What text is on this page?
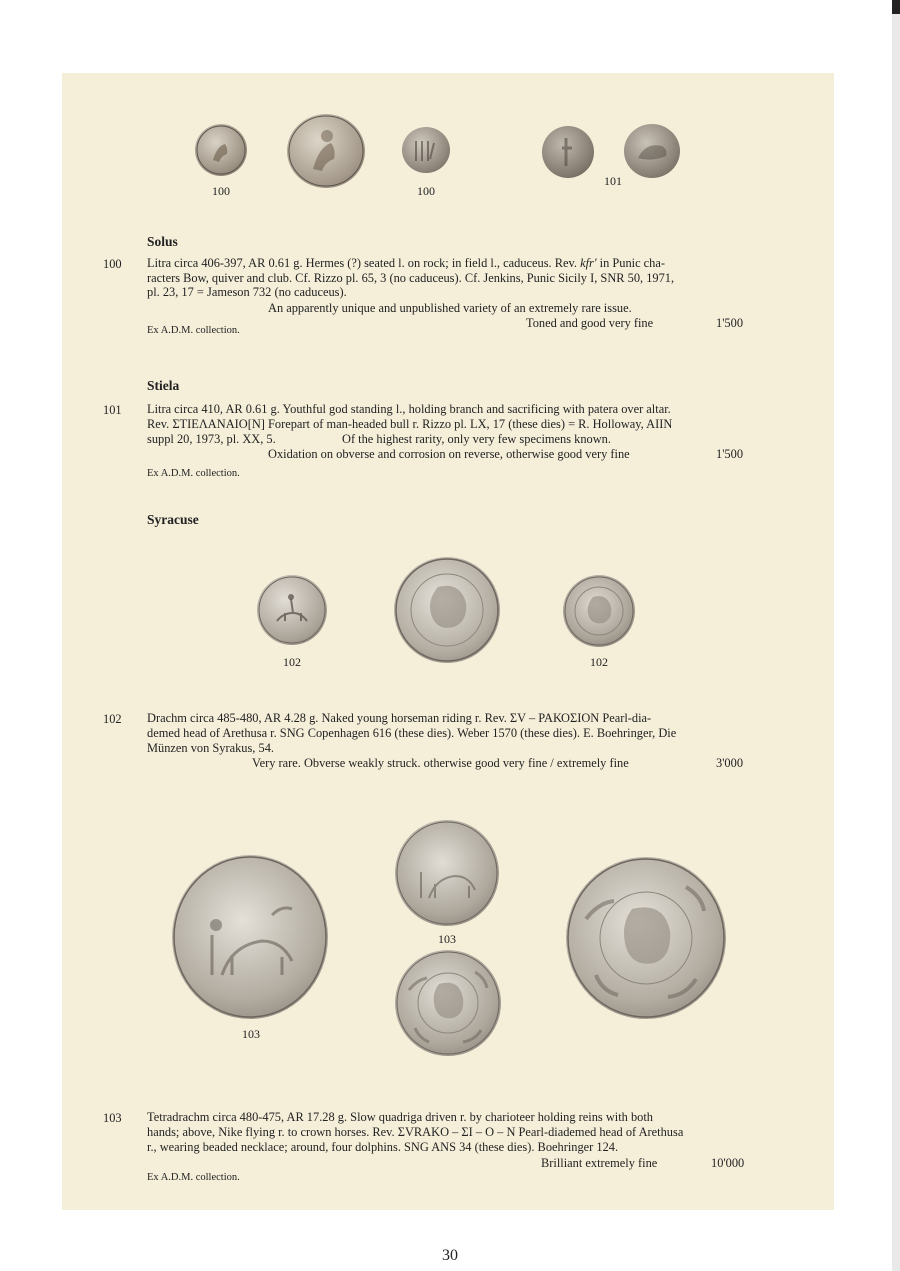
100	100
101
Solus
100 Litra circa 406-397, AR 0.61 g. Hermes (?) seated l. on rock; in field l., caduceus. Rev. kfr' in Punic cha-
racters Bow, quiver and club. Cf. Rizzo pl. 65, 3 (no caduceus). Cf. Jenkins, Punic Sicily I, SNR 50, 1971,
pl. 23, 17 = Jameson 732 (no caduceus).
An apparently unique and unpublished variety of an extremely rare issue.
Toned and good very fine	1'500
Ex A.D.M. collection.
Stiela
101 Litra circa 410, AR 0.61 g. Youthful god standing l., holding branch and sacrificing with patera over altar.
Rev. ΣΤΙΕΛΑΝΑΙΟ[Ν] Forepart of man-headed bull r. Rizzo pl. LX, 17 (these dies) = R. Holloway, AIIN
suppl 20, 1973, pl. XX, 5.	Of the highest rarity, only very few specimens known.
Oxidation on obverse and corrosion on reverse, otherwise good very fine	1'500
Ex A.D.M. collection.
Syracuse
102	102
102 Drachm circa 485-480, AR 4.28 g. Naked young horseman riding r. Rev. ΣV – ΡΑΚΟΣΙΟΝ Pearl-dia-
demed head of Arethusa r. SNG Copenhagen 616 (these dies). Weber 1570 (these dies). E. Boehringer, Die
Münzen von Syrakus, 54.
Very rare. Obverse weakly struck. otherwise good very fine / extremely fine	3'000
103
103
103 Tetradrachm circa 480-475, AR 17.28 g. Slow quadriga driven r. by charioteer holding reins with both
hands; above, Nike flying r. to crown horses. Rev. ΣVRAKO – ΣΙ – Ο – Ν Pearl-diademed head of Arethusa
r., wearing beaded necklace; around, four dolphins. SNG ANS 34 (these dies). Boehringer 124.
Brilliant extremely fine	10'000
Ex A.D.M. collection.
30
